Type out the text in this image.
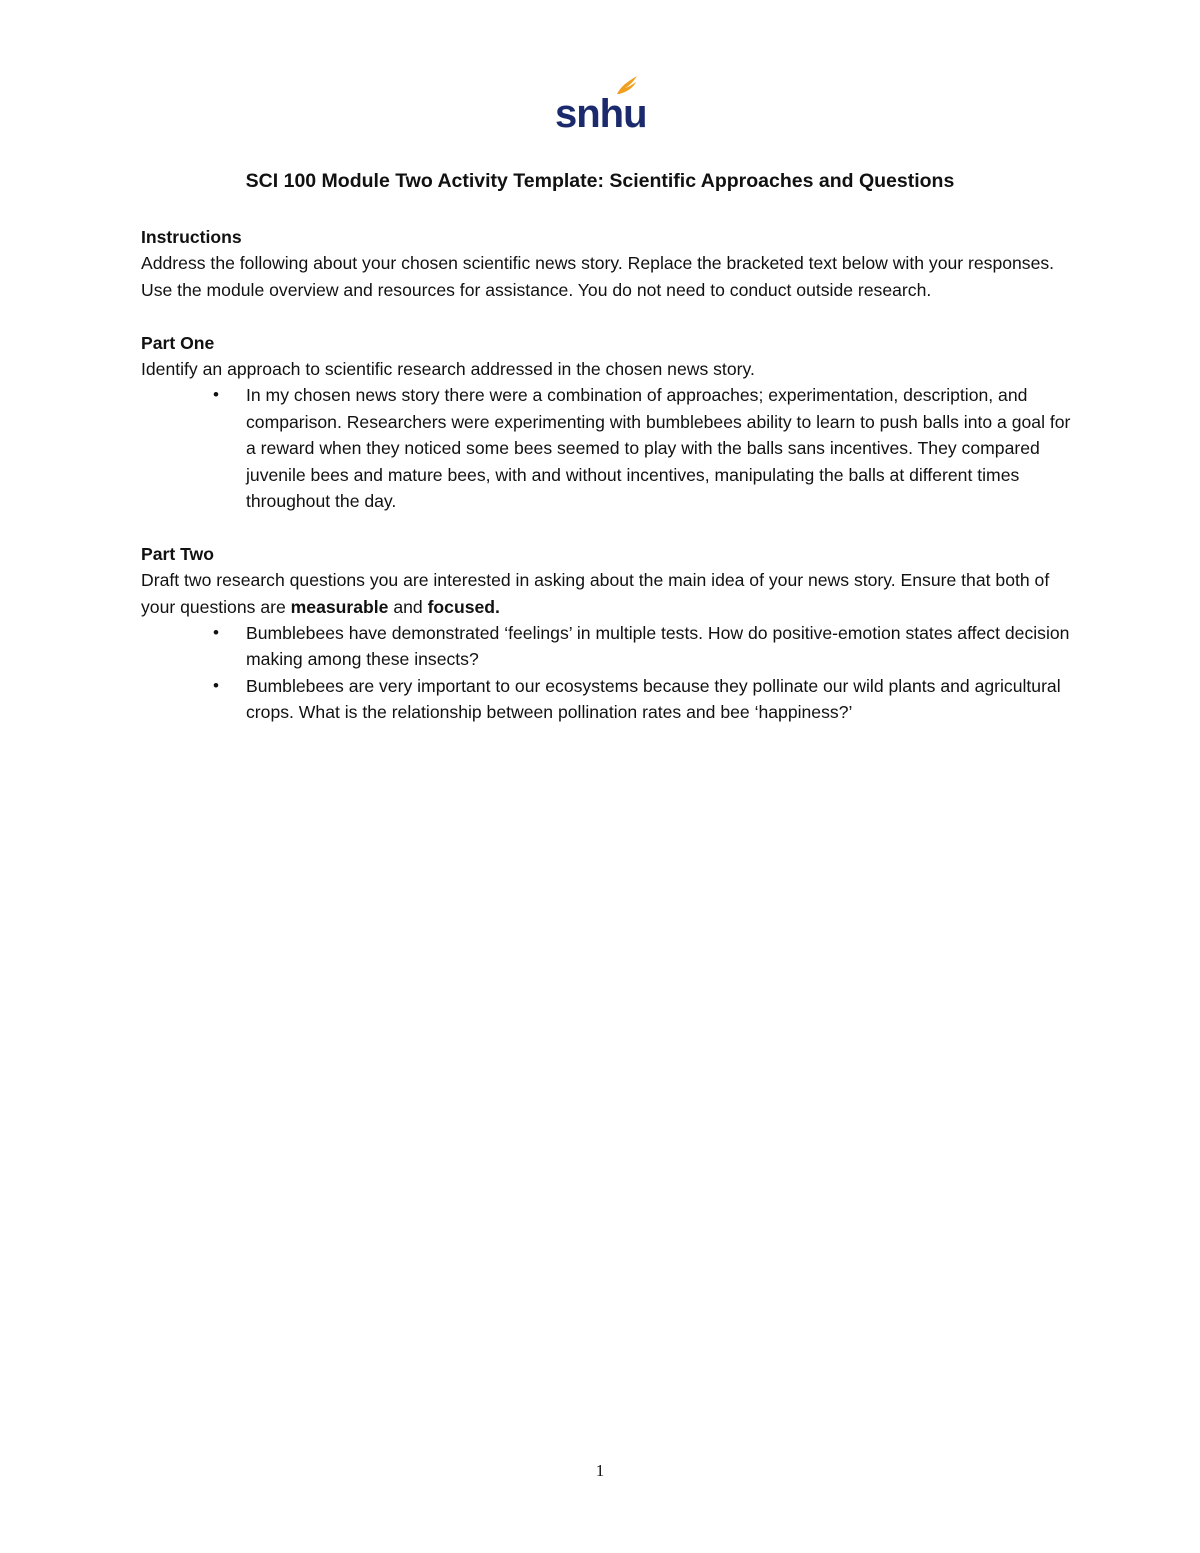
snhu
SCI 100 Module Two Activity Template: Scientific Approaches and Questions

Instructions

Address the following about your chosen scientific news story. Replace the bracketed text below with your responses. Use the module overview and resources for assistance. You do not need to conduct outside research.

Part One

Identify an approach to scientific research addressed in the chosen news story.

• In my chosen news story there were a combination of approaches; experimentation, description, and comparison. Researchers were experimenting with bumblebees ability to learn to push balls into a goal for a reward when they noticed some bees seemed to play with the balls sans incentives. They compared juvenile bees and mature bees, with and without incentives, manipulating the balls at different times throughout the day.

Part Two

Draft two research questions you are interested in asking about the main idea of your news story. Ensure that both of your questions are measurable and focused.

• Bumblebees have demonstrated ‘feelings’ in multiple tests. How do positive-emotion states affect decision making among these insects?
• Bumblebees are very important to our ecosystems because they pollinate our wild plants and agricultural crops. What is the relationship between pollination rates and bee ‘happiness?’
1
